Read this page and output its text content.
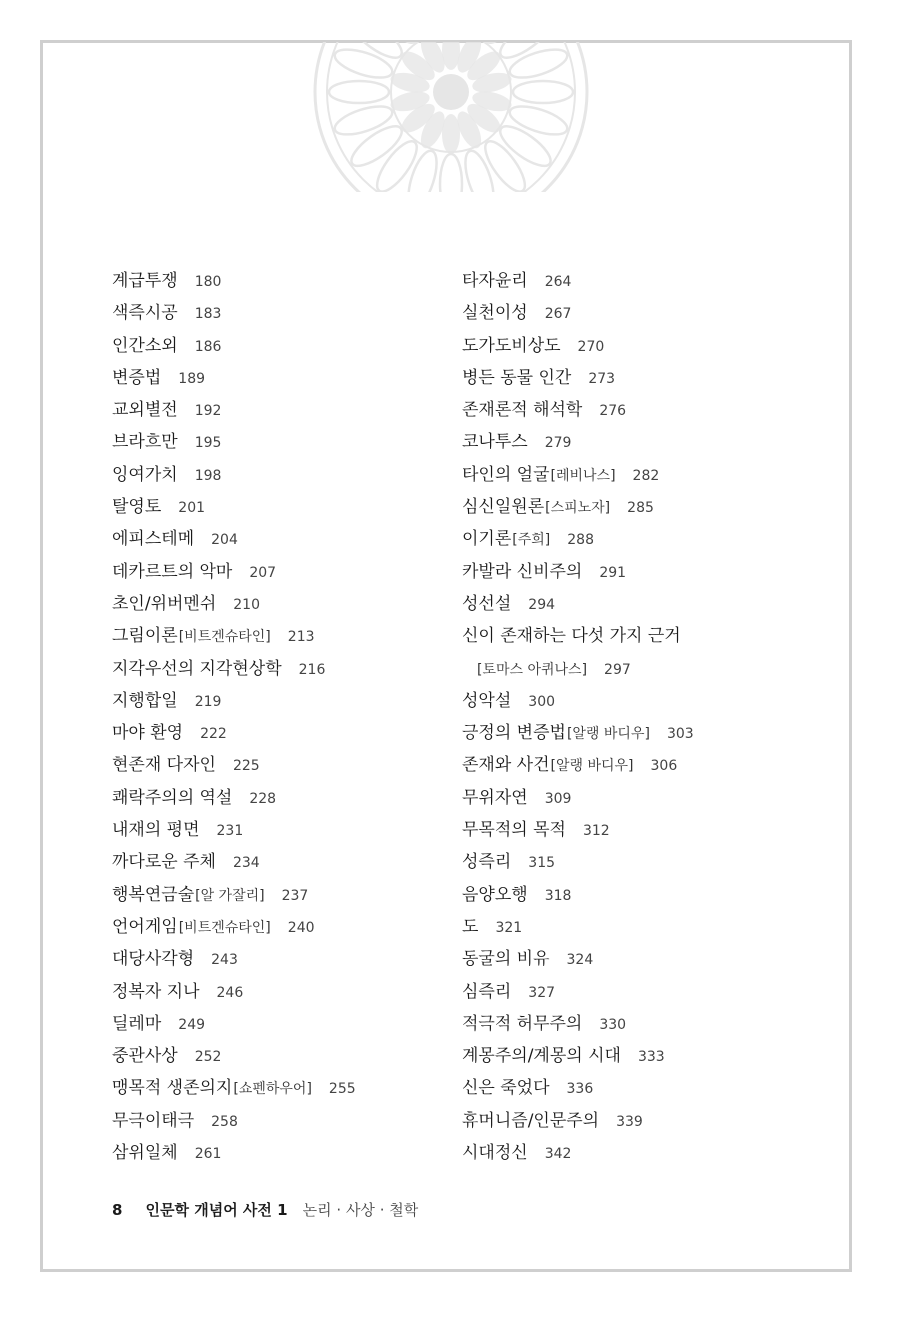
계급투쟁 180
색즉시공 183
인간소외 186
변증법 189
교외별전 192
브라흐만 195
잉여가치 198
탈영토 201
에피스테메 204
데카르트의 악마 207
초인/위버멘쉬 210
그림이론[비트겐슈타인] 213
지각우선의 지각현상학 216
지행합일 219
마야 환영 222
현존재 다자인 225
쾌락주의의 역설 228
내재의 평면 231
까다로운 주체 234
행복연금술[알 가잘리] 237
언어게임[비트겐슈타인] 240
대당사각형 243
정복자 지나 246
딜레마 249
중관사상 252
맹목적 생존의지[쇼펜하우어] 255
무극이태극 258
삼위일체 261
타자윤리 264
실천이성 267
도가도비상도 270
병든 동물 인간 273
존재론적 해석학 276
코나투스 279
타인의 얼굴[레비나스] 282
심신일원론[스피노자] 285
이기론[주희] 288
카발라 신비주의 291
성선설 294
신이 존재하는 다섯 가지 근거
[토마스 아퀴나스] 297
성악설 300
긍정의 변증법[알랭 바디우] 303
존재와 사건[알랭 바디우] 306
무위자연 309
무목적의 목적 312
성즉리 315
음양오행 318
도 321
동굴의 비유 324
심즉리 327
적극적 허무주의 330
계몽주의/계몽의 시대 333
신은 죽었다 336
휴머니즘/인문주의 339
시대정신 342
8 인문학 개념어 사전 1 논리 · 사상 · 철학
